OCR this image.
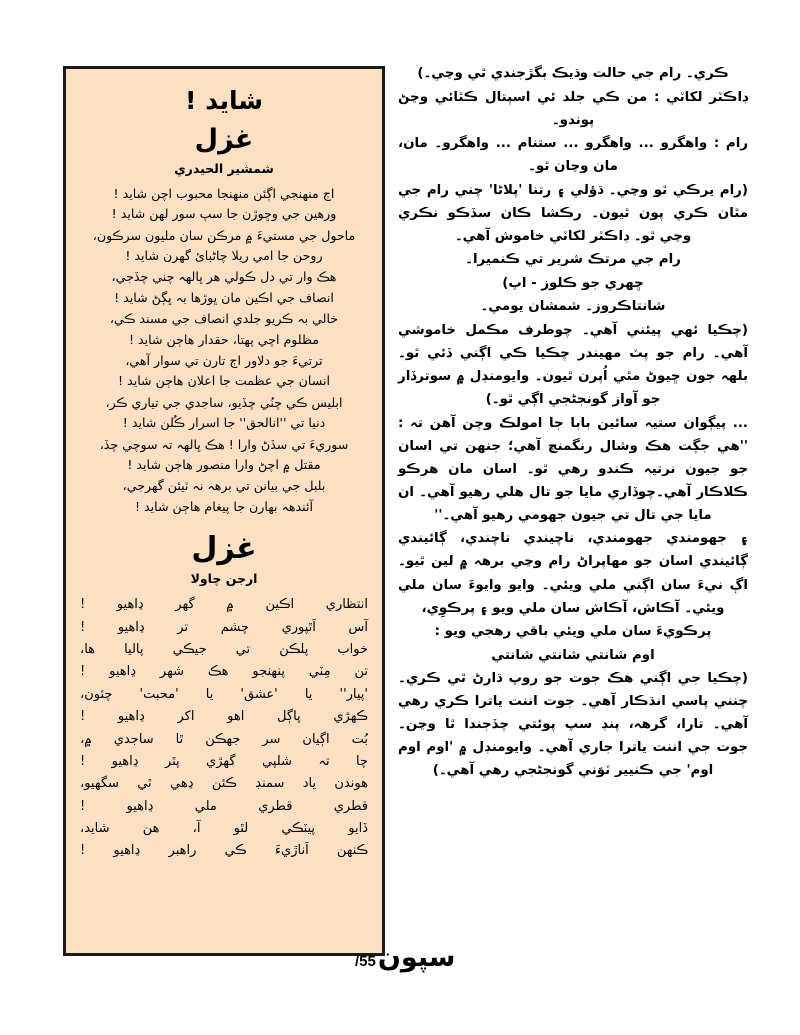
شايد !
غزل
شمشير الحيدري
اڄ منهنجي اڳئن منهنجا محبوب اچن شايد !
ورهين جي وڇوڙن جا سپ سور لهن شايد !
ماحول جي مستيءَ ۾ مرڪن سان مليون سرڪون،
روحن جا امي ريلا چاڻبائ گهرن شايد !
هڪ وار تي دل ڪولي هر ڀالهہ چني چڏجي،
انصاف جي اڪين مان ڀوڙها بہ ڀڳڻ شايد !
خالي بہ ڪريو جلدي انصاف جي مسند ڪي،
مظلوم اچي پهتا، حقدار هاڄن شايد !
ترتيءَ جو دلاور اڄ تارن تي سوار آهي،
انسان جي عظمت جا اعلان هاڄن شايد !
ابليس ڪي چنُي چڏيو، ساجدي جي تياري ڪر،
دنيا تي ''انالحق'' جا اسرار ڪُلن شايد !
سوريءَ تي سڏڻ وارا ! هڪ ڀالهہ تہ سوچي چڏ،
مقتل ۾ اچڻ وارا منصور هاڄن شايد !
بلبل جي بيانن تي برهہ نہ ٽيئن گهرجي،
آئندهہ بهارن جا پيغام هاڄن شايد !
غزل
ارجن چاولا
انتظاري اڪين ۾ گهر ڍاهيو !
آس اَٿپوري چشم تر ڍاهيو !
خواب پلڪن تي جيڪي پاليا ها،
تن مِٽي پنهنجو هڪ شهر ڍاهيو !
'پيار'' يا 'عشق' يا 'محبت' چئون،
ڪهڙي پاڳل اهو اکر ڍاهيو !
بُت اڳيان سر جهڪن ٿا ساجدي ۾،
چا تہ شلپي گهڙي پٿر ڍاهيو !
هوندن ياد سمنڊ ڪئن ڍهي ٿي سگهيو،
قطري قطري ملي ڍاهيو !
ڏايو پيٽڪي لٿو آ، هن شايد،
ڪنهن اَناڙيءَ ڪي راهبر ڍاهيو !

ڪري۔ رام جي حالت وڌيڪ بگڙجندي ٿي وڃي۔)

ڊاڪٽر لکاٽي : من ڪي جلد ئي اسپتال ڪٿائي وڃڻ پوندو۔

رام : واهگرو ... واهگرو ... ستنام ... واهگرو۔ مان، مان وڃان ٿو۔

(رام يرڪي ٿو وڃي۔ ڌؤلي ۽ رتنا 'پلاڻا' چني رام جي مٿان ڪري پون ٿيون۔ رڪشا ڪان سڏڪو نڪري وڃي ٿو۔ ڊاڪٽر لکاٽي خاموش آهي۔

رام جي مرتڪ شرير تي ڪنميرا۔

ڇهري جو ڪلوز - اپ)

شانتاڪروز۔ شمشان يومي۔

(چڪيا ئهي پيئني آهي۔ چوطرف مڪمل خاموشي آهي۔ رام جو پٽ مهيندر چڪيا ڪي اڳني ڏئي ٿو۔ بلهہ جون ڇيوڻ مٿي اُپرن ٿيون۔ وايومنڊل ۾ سوترڏار جو آواز گونجڻجي اڳي ٿو۔)

... پيڳوان ستيہ سائين بابا جا امولڪ وچن آهن تہ : ''هي جڳت هڪ وشال رنگمنچ آهي؛ جنهن تي اسان جو جيون نرتيہ ڪندو رهي ٿو۔ اسان مان هرڪو ڪلاڪار آهي۔چوڏاري مايا جو تال هلي رهيو آهي۔ ان مايا جي تال تي جيون جهومي رهيو آهي۔''

۽ جهومندي جهومندي، ناچيندي ناچندي، ڳائيندي ڳائيندي اسان جو مهاپراڻ رام وڃي برهہ ۾ لين ٿيو۔ اڳ نيءَ سان اڳني ملي ويئي۔ وايو وايوءَ سان ملي ويئي۔ آڪاش، آڪاش سان ملي ويو ۽ پرڪوِي،

پرڪويءَ سان ملي ويئي باقي رهجي ويو :

اوم شانتي شانتي شانتي

(چڪيا جي اڳني هڪ جوت جو روپ ڌارڻ ٿي ڪري۔ چنني پاسي انڌڪار آهي۔ جوت اننت ياترا ڪري رهي آهي۔ تارا، گرهہ، پنڊ سپ پوئتي چڏجندا ٿا وڃن۔ جوت جي اننت ياترا جاري آهي۔ وايومنڊل ۾ 'اوم اوم اوم' جي ڪنيير ٽوَني گونجڻجي رهي آهي۔)

سپون
55/
